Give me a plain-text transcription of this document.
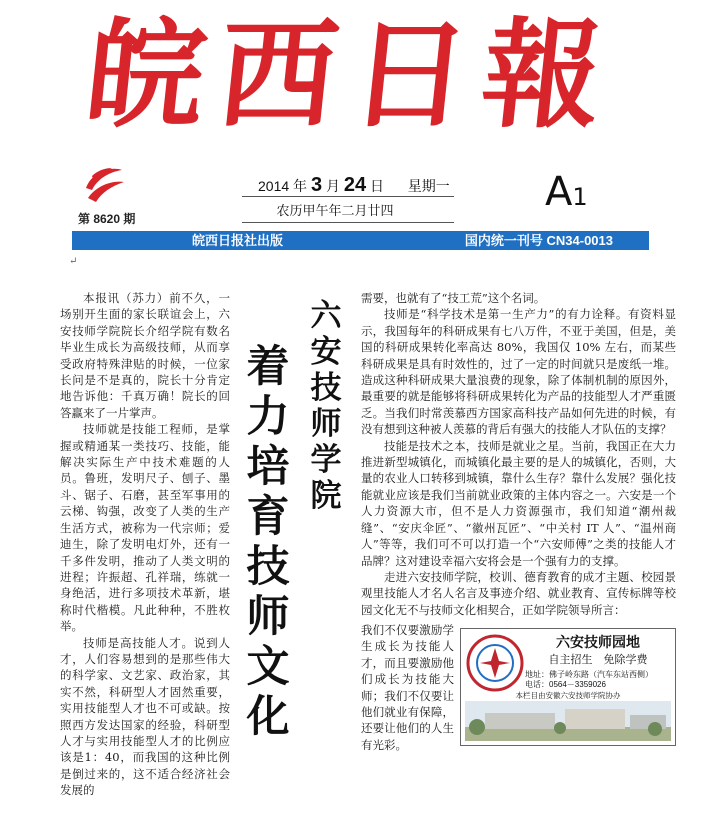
皖西日報
第 8620 期
2014 年 3 月 24 日 星期一
农历甲午年二月廿四	A1
皖西日报社出版	国内统一刊号 CN34-0013
↵

本报讯（苏力）前不久，一场别开生面的家长联谊会上，六安技师学院院长介绍学院有数名毕业生成长为高级技师，从而享受政府特殊津贴的时候，一位家长问是不是真的，院长十分肯定地告诉他：千真万确！院长的回答赢来了一片掌声。

技师就是技能工程师，是掌握或精通某一类技巧、技能，能解决实际生产中技术难题的人员。鲁班，发明尺子、刨子、墨斗、锯子、石磨，甚至军事用的云梯、钩强，改变了人类的生产生活方式，被称为一代宗师；爱迪生，除了发明电灯外，还有一千多件发明，推动了人类文明的进程；许振超、孔祥瑞，练就一身绝活，进行多项技术革新，堪称时代楷模。凡此种种，不胜枚举。

技师是高技能人才。说到人才，人们容易想到的是那些伟大的科学家、文艺家、政治家，其实不然，科研型人才固然重要，实用技能型人才也不可或缺。按照西方发达国家的经验，科研型人才与实用技能型人才的比例应该是1：40，而我国的这种比例是倒过来的，这不适合经济社会发展的

六安技师学院
着力培育技师文化

需要，也就有了“技工荒”这个名词。

技师是“科学技术是第一生产力”的有力诠释。有资料显示，我国每年的科研成果有七八万件，不亚于美国，但是，美国的科研成果转化率高达 80%，我国仅 10% 左右，而某些科研成果是具有时效性的，过了一定的时间就只是废纸一堆。造成这种科研成果大量浪费的现象，除了体制机制的原因外，最重要的就是能够将科研成果转化为产品的技能型人才严重匮乏。当我们时常羡慕西方国家高科技产品如何先进的时候，有没有想到这种被人羡慕的背后有强大的技能人才队伍的支撑？

技能是技术之本，技师是就业之星。当前，我国正在大力推进新型城镇化，而城镇化最主要的是人的城镇化，否则，大量的农业人口转移到城镇，靠什么生存？靠什么发展？强化技能就业应该是我们当前就业政策的主体内容之一。六安是一个人力资源大市，但不是人力资源强市，我们知道“潮州裁缝”、“安庆伞匠”、“徽州瓦匠”、“中关村 IT 人”、“温州商人”等等，我们可不可以打造一个“六安师傅”之类的技能人才品牌？这对建设幸福六安将会是一个强有力的支撑。

走进六安技师学院，校训、德育教育的成才主题、校园景观里技能人才名人名言及事迹介绍、就业教育、宣传标牌等校园文化无不与技师文化相契合，正如学院领导所言：

我们不仅要激励学生成长为技能人才，而且要激励他们成长为技能大师；我们不仅要让他们就业有保障，还要让他们的人生有光彩。

六安技师园地
自主招生　免除学费
地址：佛子岭东路（汽车东站西侧）
电话：0564－3359026
本栏目由安徽六安技师学院协办
